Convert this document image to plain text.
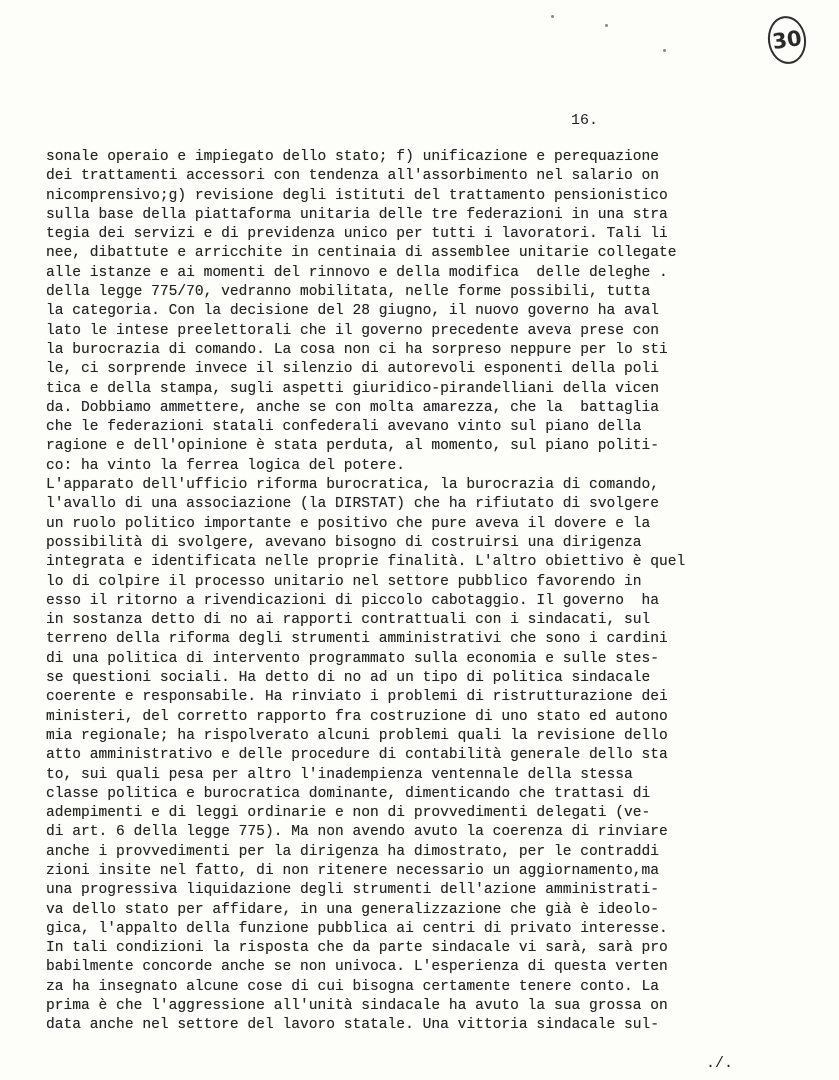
30
16.
sonale operaio e impiegato dello stato; f) unificazione e perequazione
dei trattamenti accessori con tendenza all'assorbimento nel salario on
nicomprensivo;g) revisione degli istituti del trattamento pensionistico
sulla base della piattaforma unitaria delle tre federazioni in una stra
tegia dei servizi e di previdenza unico per tutti i lavoratori. Tali li
nee, dibattute e arricchite in centinaia di assemblee unitarie collegate
alle istanze e ai momenti del rinnovo e della modifica  delle deleghe .
della legge 775/70, vedranno mobilitata, nelle forme possibili, tutta
la categoria. Con la decisione del 28 giugno, il nuovo governo ha aval
lato le intese preelettorali che il governo precedente aveva prese con
la burocrazia di comando. La cosa non ci ha sorpreso neppure per lo sti
le, ci sorprende invece il silenzio di autorevoli esponenti della poli
tica e della stampa, sugli aspetti giuridico-pirandelliani della vicen
da. Dobbiamo ammettere, anche se con molta amarezza, che la  battaglia
che le federazioni statali confederali avevano vinto sul piano della
ragione e dell'opinione è stata perduta, al momento, sul piano politi-
co: ha vinto la ferrea logica del potere.
L'apparato dell'ufficio riforma burocratica, la burocrazia di comando,
l'avallo di una associazione (la DIRSTAT) che ha rifiutato di svolgere
un ruolo politico importante e positivo che pure aveva il dovere e la
possibilità di svolgere, avevano bisogno di costruirsi una dirigenza
integrata e identificata nelle proprie finalità. L'altro obiettivo è quel
lo di colpire il processo unitario nel settore pubblico favorendo in
esso il ritorno a rivendicazioni di piccolo cabotaggio. Il governo  ha
in sostanza detto di no ai rapporti contrattuali con i sindacati, sul
terreno della riforma degli strumenti amministrativi che sono i cardini
di una politica di intervento programmato sulla economia e sulle stes-
se questioni sociali. Ha detto di no ad un tipo di politica sindacale
coerente e responsabile. Ha rinviato i problemi di ristrutturazione dei
ministeri, del corretto rapporto fra costruzione di uno stato ed autono
mia regionale; ha rispolverato alcuni problemi quali la revisione dello
atto amministrativo e delle procedure di contabilità generale dello sta
to, sui quali pesa per altro l'inadempienza ventennale della stessa
classe politica e burocratica dominante, dimenticando che trattasi di
adempimenti e di leggi ordinarie e non di provvedimenti delegati (ve-
di art. 6 della legge 775). Ma non avendo avuto la coerenza di rinviare
anche i provvedimenti per la dirigenza ha dimostrato, per le contraddi
zioni insite nel fatto, di non ritenere necessario un aggiornamento,ma
una progressiva liquidazione degli strumenti dell'azione amministrati-
va dello stato per affidare, in una generalizzazione che già è ideolo-
gica, l'appalto della funzione pubblica ai centri di privato interesse.
In tali condizioni la risposta che da parte sindacale vi sarà, sarà pro
babilmente concorde anche se non univoca. L'esperienza di questa verten
za ha insegnato alcune cose di cui bisogna certamente tenere conto. La
prima è che l'aggressione all'unità sindacale ha avuto la sua grossa on
data anche nel settore del lavoro statale. Una vittoria sindacale sul-
./.
